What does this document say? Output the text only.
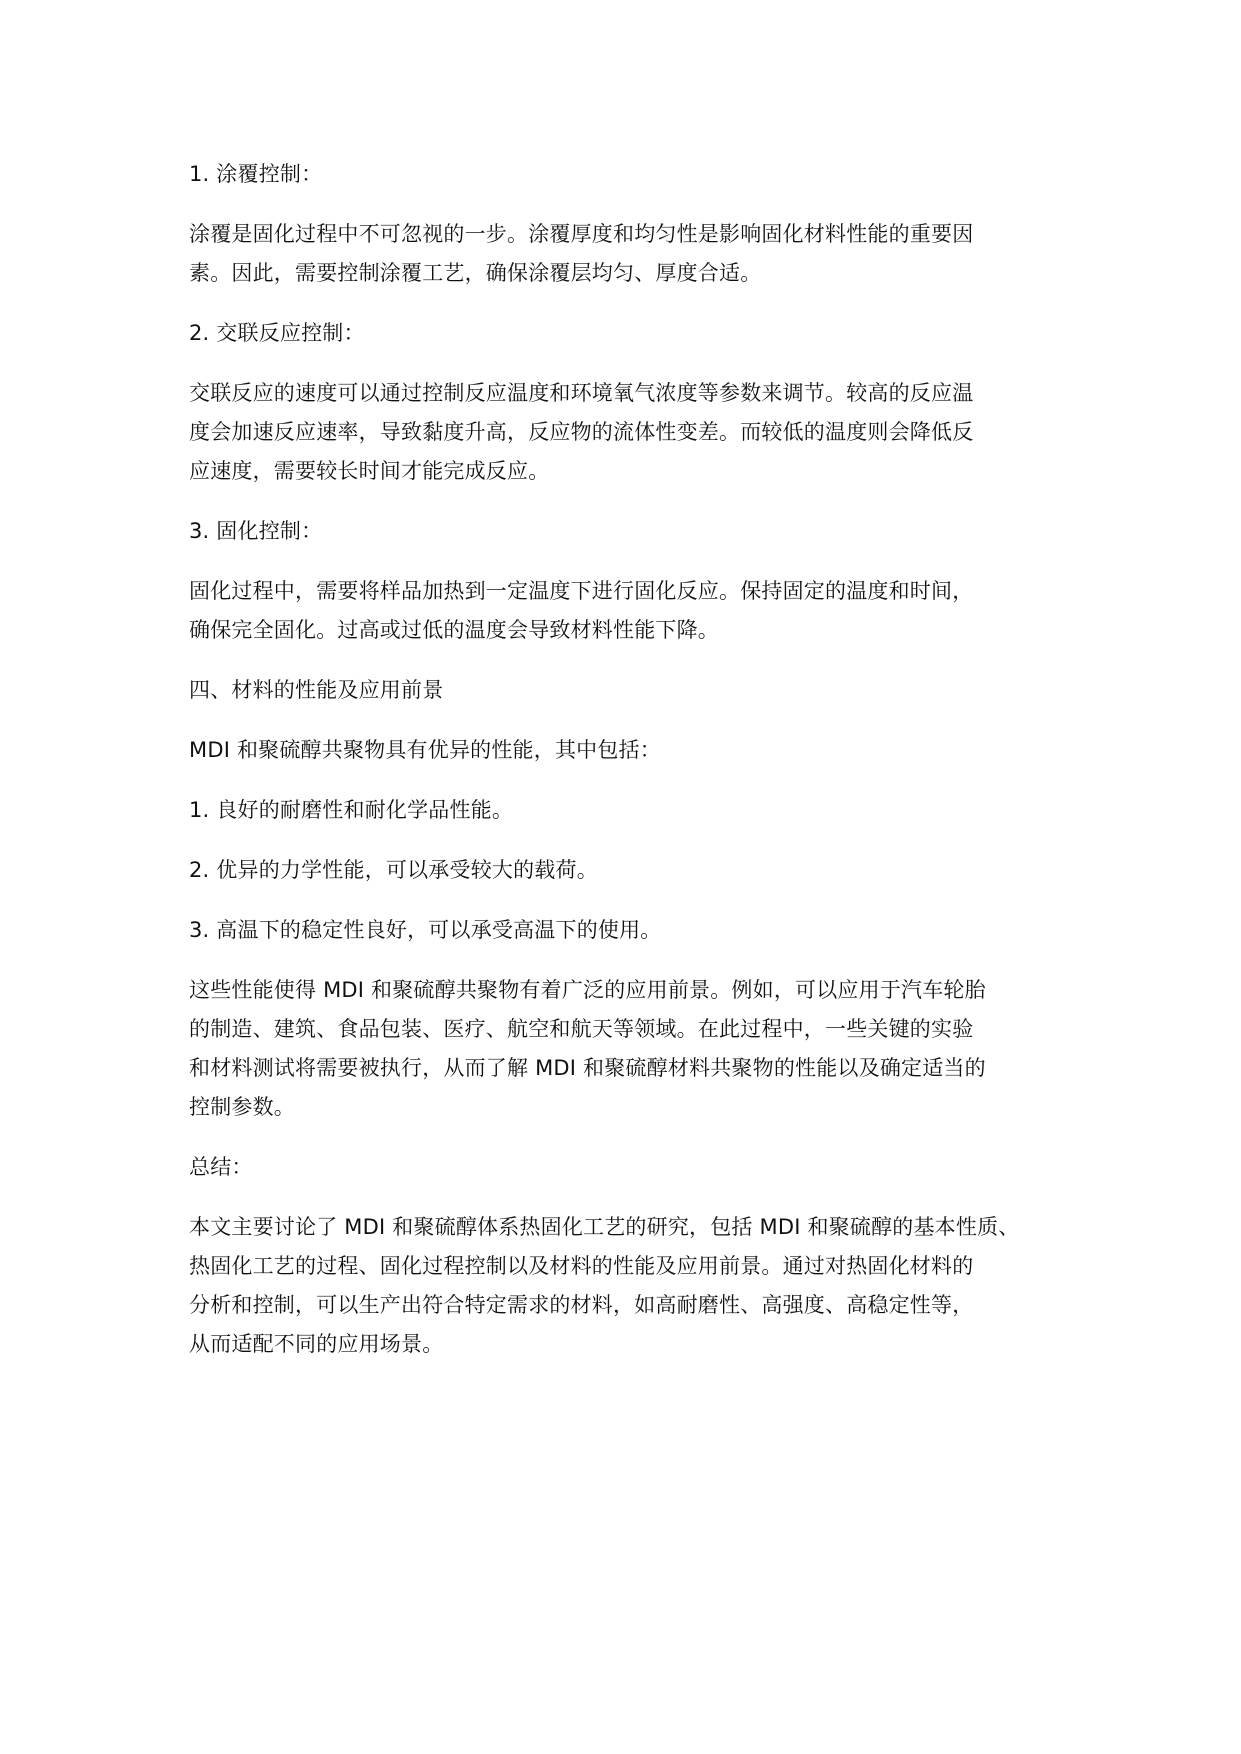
1. 涂覆控制：

涂覆是固化过程中不可忽视的一步。涂覆厚度和均匀性是影响固化材料性能的重要因
素。因此，需要控制涂覆工艺，确保涂覆层均匀、厚度合适。

2. 交联反应控制：

交联反应的速度可以通过控制反应温度和环境氧气浓度等参数来调节。较高的反应温
度会加速反应速率，导致黏度升高，反应物的流体性变差。而较低的温度则会降低反
应速度，需要较长时间才能完成反应。

3. 固化控制：

固化过程中，需要将样品加热到一定温度下进行固化反应。保持固定的温度和时间，
确保完全固化。过高或过低的温度会导致材料性能下降。

四、材料的性能及应用前景

MDI 和聚硫醇共聚物具有优异的性能，其中包括：

1. 良好的耐磨性和耐化学品性能。

2. 优异的力学性能，可以承受较大的载荷。

3. 高温下的稳定性良好，可以承受高温下的使用。

这些性能使得 MDI 和聚硫醇共聚物有着广泛的应用前景。例如，可以应用于汽车轮胎
的制造、建筑、食品包装、医疗、航空和航天等领域。在此过程中，一些关键的实验
和材料测试将需要被执行，从而了解 MDI 和聚硫醇材料共聚物的性能以及确定适当的
控制参数。

总结：

本文主要讨论了 MDI 和聚硫醇体系热固化工艺的研究，包括 MDI 和聚硫醇的基本性质、
热固化工艺的过程、固化过程控制以及材料的性能及应用前景。通过对热固化材料的
分析和控制，可以生产出符合特定需求的材料，如高耐磨性、高强度、高稳定性等，
从而适配不同的应用场景。
